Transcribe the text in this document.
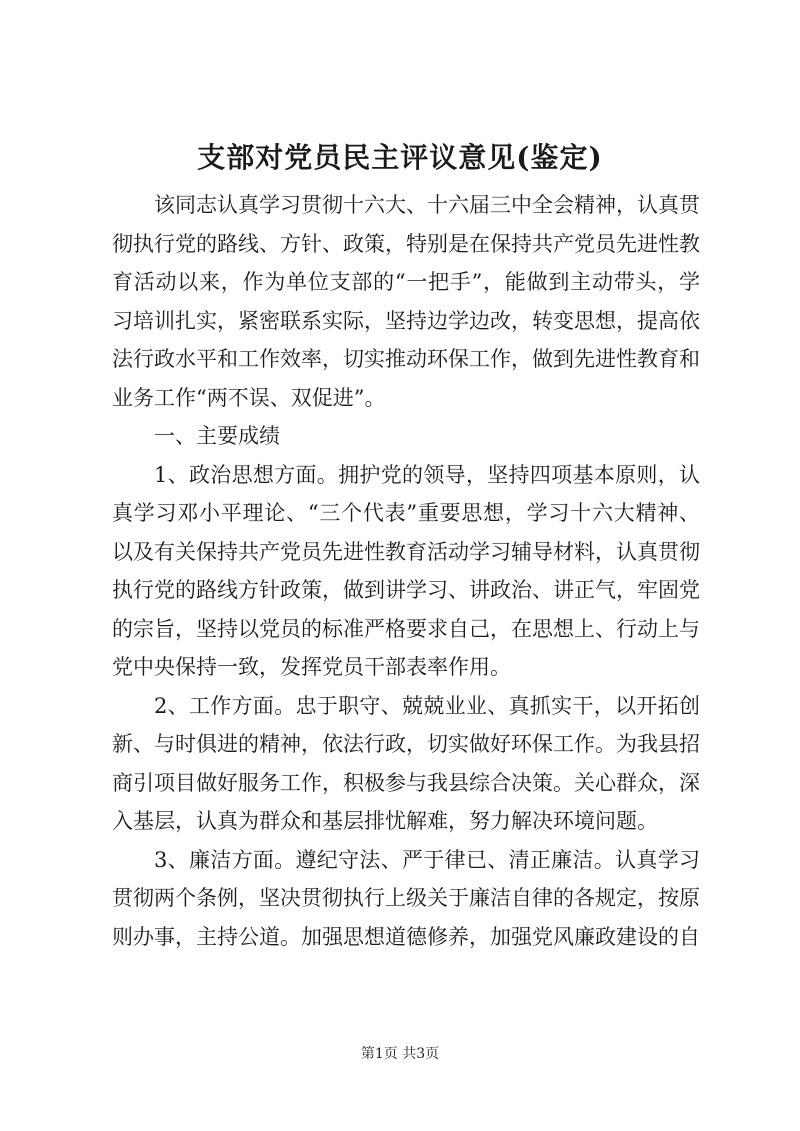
支部对党员民主评议意见(鉴定)

该同志认真学习贯彻十六大、十六届三中全会精神，认真贯彻执行党的路线、方针、政策，特别是在保持共产党员先进性教育活动以来，作为单位支部的“一把手”，能做到主动带头，学习培训扎实，紧密联系实际，坚持边学边改，转变思想，提高依法行政水平和工作效率，切实推动环保工作，做到先进性教育和业务工作“两不误、双促进”。

一、主要成绩

1、政治思想方面。拥护党的领导，坚持四项基本原则，认真学习邓小平理论、“三个代表”重要思想，学习十六大精神、以及有关保持共产党员先进性教育活动学习辅导材料，认真贯彻执行党的路线方针政策，做到讲学习、讲政治、讲正气，牢固党的宗旨，坚持以党员的标准严格要求自己，在思想上、行动上与党中央保持一致，发挥党员干部表率作用。

2、工作方面。忠于职守、兢兢业业、真抓实干，以开拓创新、与时俱进的精神，依法行政，切实做好环保工作。为我县招商引项目做好服务工作，积极参与我县综合决策。关心群众，深入基层，认真为群众和基层排忧解难，努力解决环境问题。

3、廉洁方面。遵纪守法、严于律已、清正廉洁。认真学习贯彻两个条例，坚决贯彻执行上级关于廉洁自律的各规定，按原则办事，主持公道。加强思想道德修养，加强党风廉政建设的自

第1页 共3页
